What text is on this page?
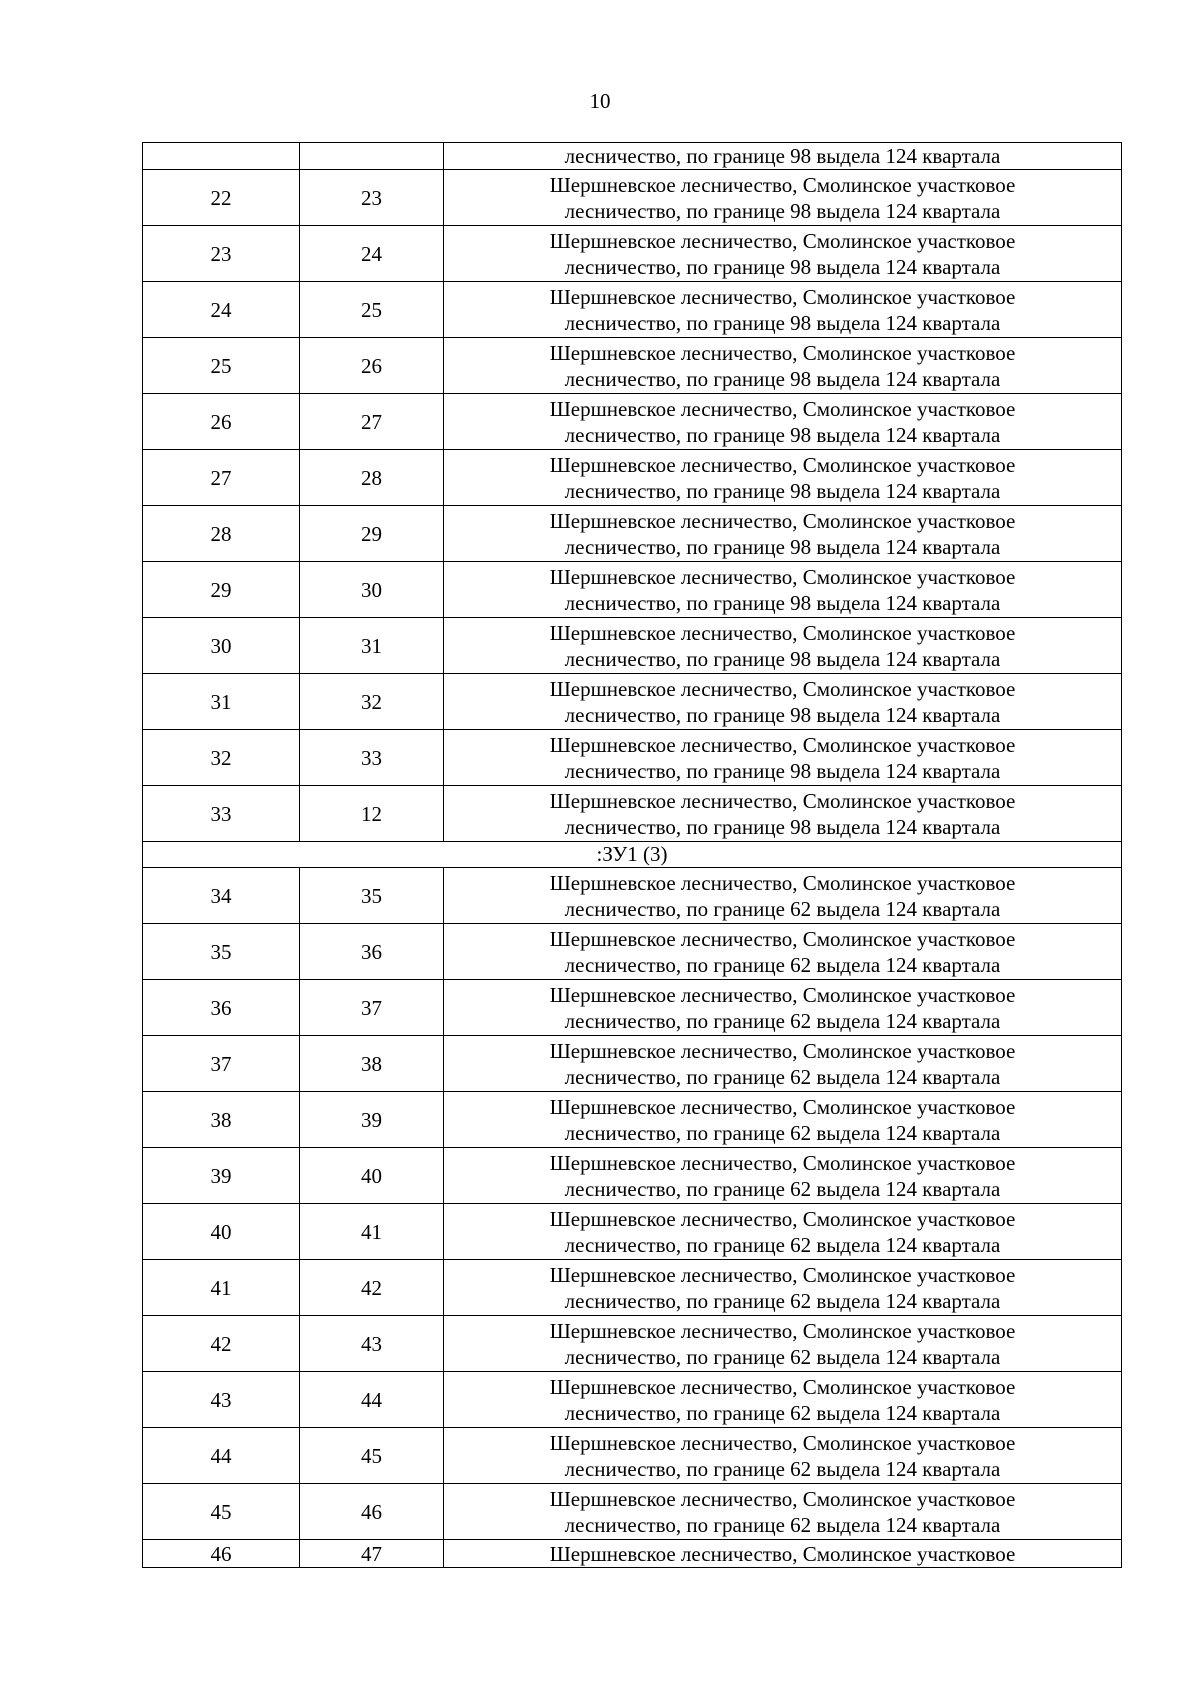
10

		лесничество, по границе 98 выдела 124 квартала

22	23	Шершневское лесничество, Смолинское участковое
лесничество, по границе 98 выдела 124 квартала

23	24	Шершневское лесничество, Смолинское участковое
лесничество, по границе 98 выдела 124 квартала

24	25	Шершневское лесничество, Смолинское участковое
лесничество, по границе 98 выдела 124 квартала

25	26	Шершневское лесничество, Смолинское участковое
лесничество, по границе 98 выдела 124 квартала

26	27	Шершневское лесничество, Смолинское участковое
лесничество, по границе 98 выдела 124 квартала

27	28	Шершневское лесничество, Смолинское участковое
лесничество, по границе 98 выдела 124 квартала

28	29	Шершневское лесничество, Смолинское участковое
лесничество, по границе 98 выдела 124 квартала

29	30	Шершневское лесничество, Смолинское участковое
лесничество, по границе 98 выдела 124 квартала

30	31	Шершневское лесничество, Смолинское участковое
лесничество, по границе 98 выдела 124 квартала

31	32	Шершневское лесничество, Смолинское участковое
лесничество, по границе 98 выдела 124 квартала

32	33	Шершневское лесничество, Смолинское участковое
лесничество, по границе 98 выдела 124 квартала

33	12	Шершневское лесничество, Смолинское участковое
лесничество, по границе 98 выдела 124 квартала

:ЗУ1 (3)		
34	35	Шершневское лесничество, Смолинское участковое
лесничество, по границе 62 выдела 124 квартала

35	36	Шершневское лесничество, Смолинское участковое
лесничество, по границе 62 выдела 124 квартала

36	37	Шершневское лесничество, Смолинское участковое
лесничество, по границе 62 выдела 124 квартала

37	38	Шершневское лесничество, Смолинское участковое
лесничество, по границе 62 выдела 124 квартала

38	39	Шершневское лесничество, Смолинское участковое
лесничество, по границе 62 выдела 124 квартала

39	40	Шершневское лесничество, Смолинское участковое
лесничество, по границе 62 выдела 124 квартала

40	41	Шершневское лесничество, Смолинское участковое
лесничество, по границе 62 выдела 124 квартала

41	42	Шершневское лесничество, Смолинское участковое
лесничество, по границе 62 выдела 124 квартала

42	43	Шершневское лесничество, Смолинское участковое
лесничество, по границе 62 выдела 124 квартала

43	44	Шершневское лесничество, Смолинское участковое
лесничество, по границе 62 выдела 124 квартала

44	45	Шершневское лесничество, Смолинское участковое
лесничество, по границе 62 выдела 124 квартала

45	46	Шершневское лесничество, Смолинское участковое
лесничество, по границе 62 выдела 124 квартала

46	47	Шершневское лесничество, Смолинское участковое
